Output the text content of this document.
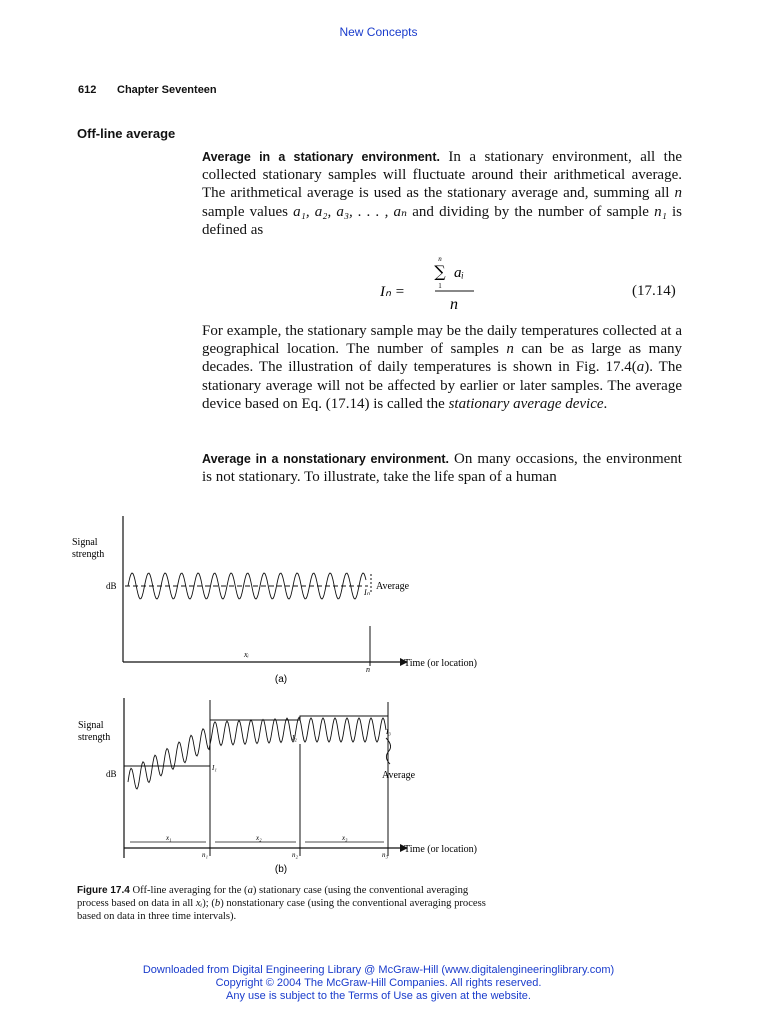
New Concepts
612 Chapter Seventeen
Off-line average
Average in a stationary environment. In a stationary environment, all the collected stationary samples will fluctuate around their arithmetical average. The arithmetical average is used as the stationary average and, summing all n sample values a₁, a₂, a₃, . . . , aₙ and dividing by the number of sample n₁ is defined as
n
∑ aᵢ
1
n
Iₙ =	(17.14)
For example, the stationary sample may be the daily temperatures collected at a geographical location. The number of samples n can be as large as many decades. The illustration of daily temperatures is shown in Fig. 17.4(a). The stationary average will not be affected by earlier or later samples. The average device based on Eq. (17.14) is called the stationary average device.
Average in a nonstationary environment. On many occasions, the environment is not stationary. To illustrate, take the life span of a human
Signal
strength
dB
Iₙ
Average
xᵢ
n
Time (or location)
(a)
Signal
strength
dB
I₁
I₂
I₃
Average
x₁	x₂	x₃
n₁	n₂	n₃ Time (or location)
(b)
Figure 17.4 Off-line averaging for the (a) stationary case (using the conventional averaging process based on data in all xᵢ); (b) nonstationary case (using the conventional averaging process based on data in three time intervals).
Downloaded from Digital Engineering Library @ McGraw-Hill (www.digitalengineeringlibrary.com)
Copyright © 2004 The McGraw-Hill Companies. All rights reserved.
Any use is subject to the Terms of Use as given at the website.
